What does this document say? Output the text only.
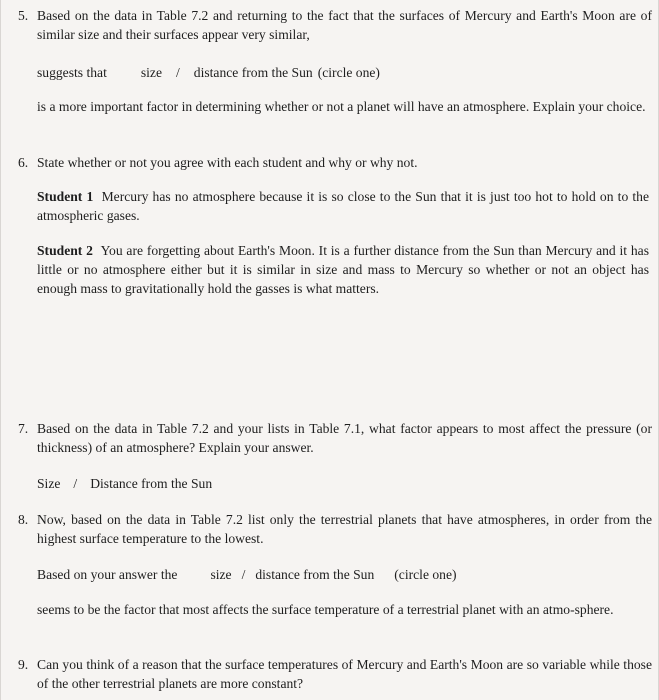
5. Based on the data in Table 7.2 and returning to the fact that the surfaces of Mercury and Earth's Moon are of similar size and their surfaces appear very similar,
suggests that	size / distance from the Sun (circle one)
is a more important factor in determining whether or not a planet will have an atmosphere. Explain your choice.
6. State whether or not you agree with each student and why or why not.
Student 1 Mercury has no atmosphere because it is so close to the Sun that it is just too hot to hold on to the atmospheric gases.
Student 2 You are forgetting about Earth's Moon. It is a further distance from the Sun than Mercury and it has little or no atmosphere either but it is similar in size and mass to Mercury so whether or not an object has enough mass to gravitationally hold the gasses is what matters.
7. Based on the data in Table 7.2 and your lists in Table 7.1, what factor appears to most affect the pressure (or thickness) of an atmosphere? Explain your answer.
Size / Distance from the Sun
8. Now, based on the data in Table 7.2 list only the terrestrial planets that have atmospheres, in order from the highest surface temperature to the lowest.
Based on your answer the size / distance from the Sun (circle one)
seems to be the factor that most affects the surface temperature of a terrestrial planet with an atmo-sphere.
9. Can you think of a reason that the surface temperatures of Mercury and Earth's Moon are so variable while those of the other terrestrial planets are more constant?
